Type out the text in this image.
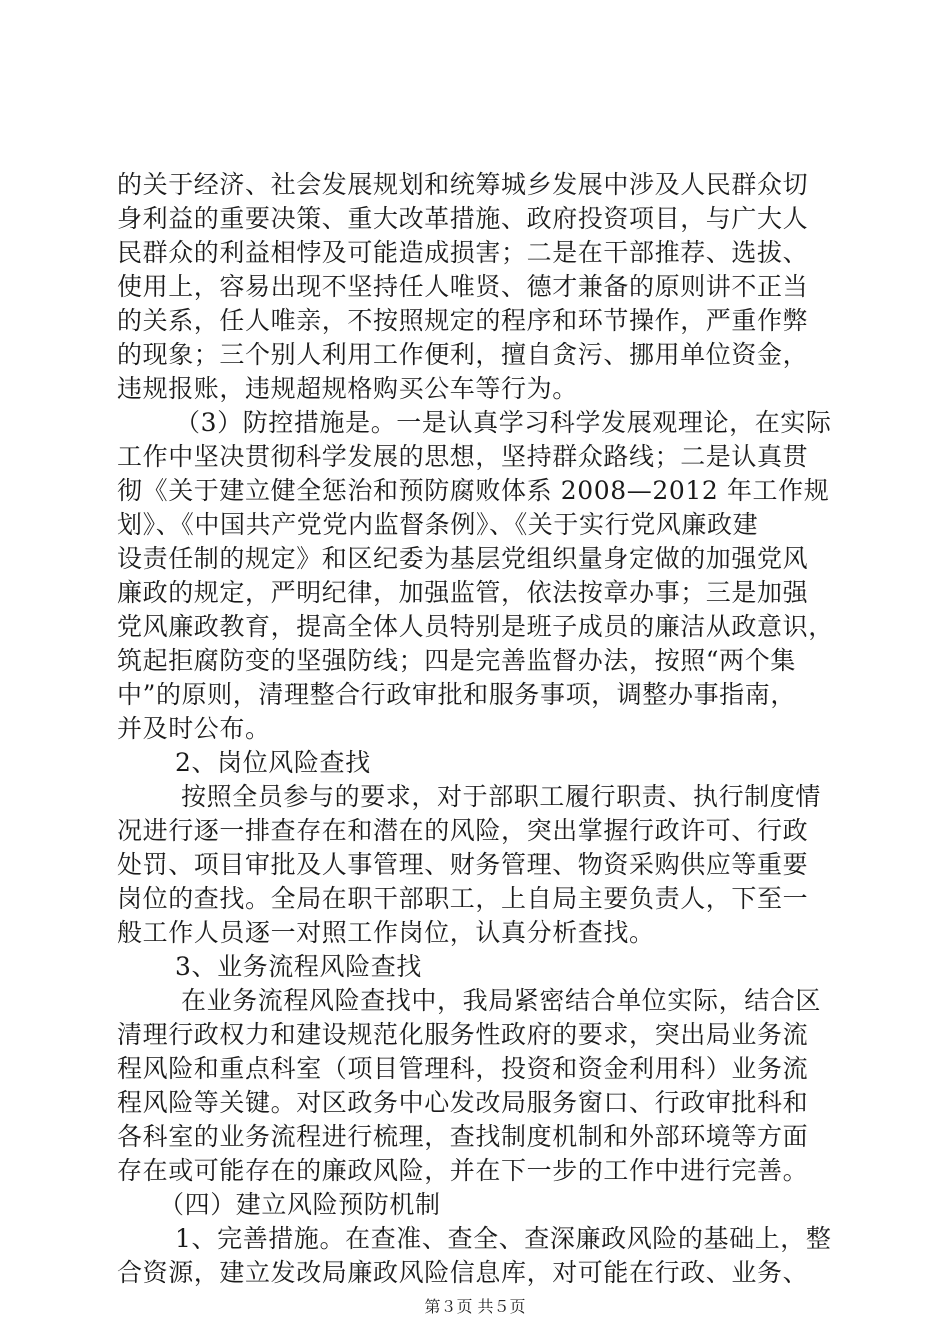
的关于经济、社会发展规划和统筹城乡发展中涉及人民群众切
身利益的重要决策、重大改革措施、政府投资项目，与广大人
民群众的利益相悖及可能造成损害；二是在干部推荐、选拔、
使用上，容易出现不坚持任人唯贤、德才兼备的原则讲不正当
的关系，任人唯亲，不按照规定的程序和环节操作，严重作弊
的现象；三个别人利用工作便利，擅自贪污、挪用单位资金，
违规报账，违规超规格购买公车等行为。
（3）防控措施是。一是认真学习科学发展观理论，在实际
工作中坚决贯彻科学发展的思想，坚持群众路线；二是认真贯
彻《关于建立健全惩治和预防腐败体系 2008—2012 年工作规
划》、《中国共产党党内监督条例》、《关于实行党风廉政建
设责任制的规定》和区纪委为基层党组织量身定做的加强党风
廉政的规定，严明纪律，加强监管，依法按章办事；三是加强
党风廉政教育，提高全体人员特别是班子成员的廉洁从政意识，
筑起拒腐防变的坚强防线；四是完善监督办法，按照“两个集
中”的原则，清理整合行政审批和服务事项，调整办事指南，
并及时公布。
2、岗位风险查找
按照全员参与的要求，对于部职工履行职责、执行制度情
况进行逐一排查存在和潜在的风险，突出掌握行政许可、行政
处罚、项目审批及人事管理、财务管理、物资采购供应等重要
岗位的查找。全局在职干部职工，上自局主要负责人，下至一
般工作人员逐一对照工作岗位，认真分析查找。
3、业务流程风险查找
在业务流程风险查找中，我局紧密结合单位实际，结合区
清理行政权力和建设规范化服务性政府的要求，突出局业务流
程风险和重点科室（项目管理科，投资和资金利用科）业务流
程风险等关键。对区政务中心发改局服务窗口、行政审批科和
各科室的业务流程进行梳理，查找制度机制和外部环境等方面
存在或可能存在的廉政风险，并在下一步的工作中进行完善。
（四）建立风险预防机制
1、完善措施。在查准、查全、查深廉政风险的基础上，整
合资源，建立发改局廉政风险信息库，对可能在行政、业务、
第３页 共５页
